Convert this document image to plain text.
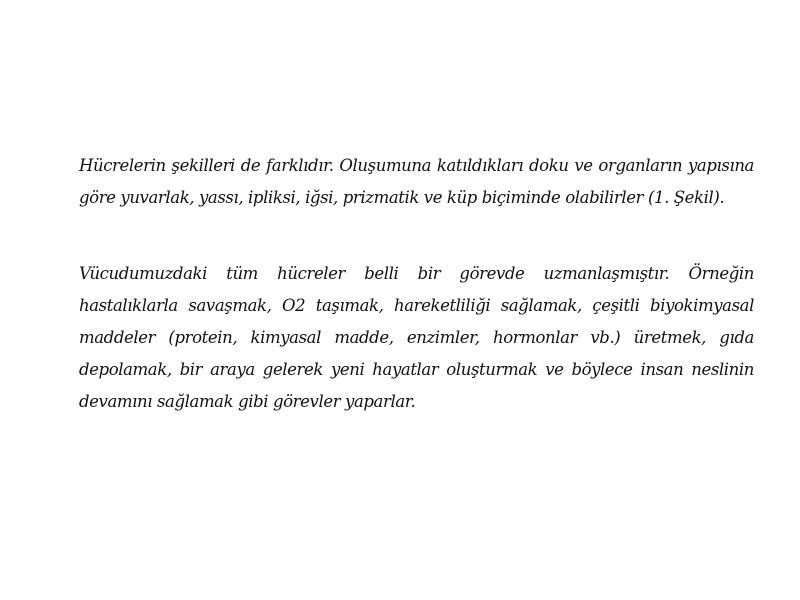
Hücrelerin şekilleri de farklıdır. Oluşumuna katıldıkları doku ve organların yapısına göre yuvarlak, yassı, ipliksi, iğsi, prizmatik ve küp biçiminde olabilirler (1. Şekil).

Vücudumuzdaki tüm hücreler belli bir görevde uzmanlaşmıştır. Örneğin hastalıklarla savaşmak, O2 taşımak, hareketliliği sağlamak, çeşitli biyokimyasal maddeler (protein, kimyasal madde, enzimler, hormonlar vb.) üretmek, gıda depolamak, bir araya gelerek yeni hayatlar oluşturmak ve böylece insan neslinin devamını sağlamak gibi görevler yaparlar.
